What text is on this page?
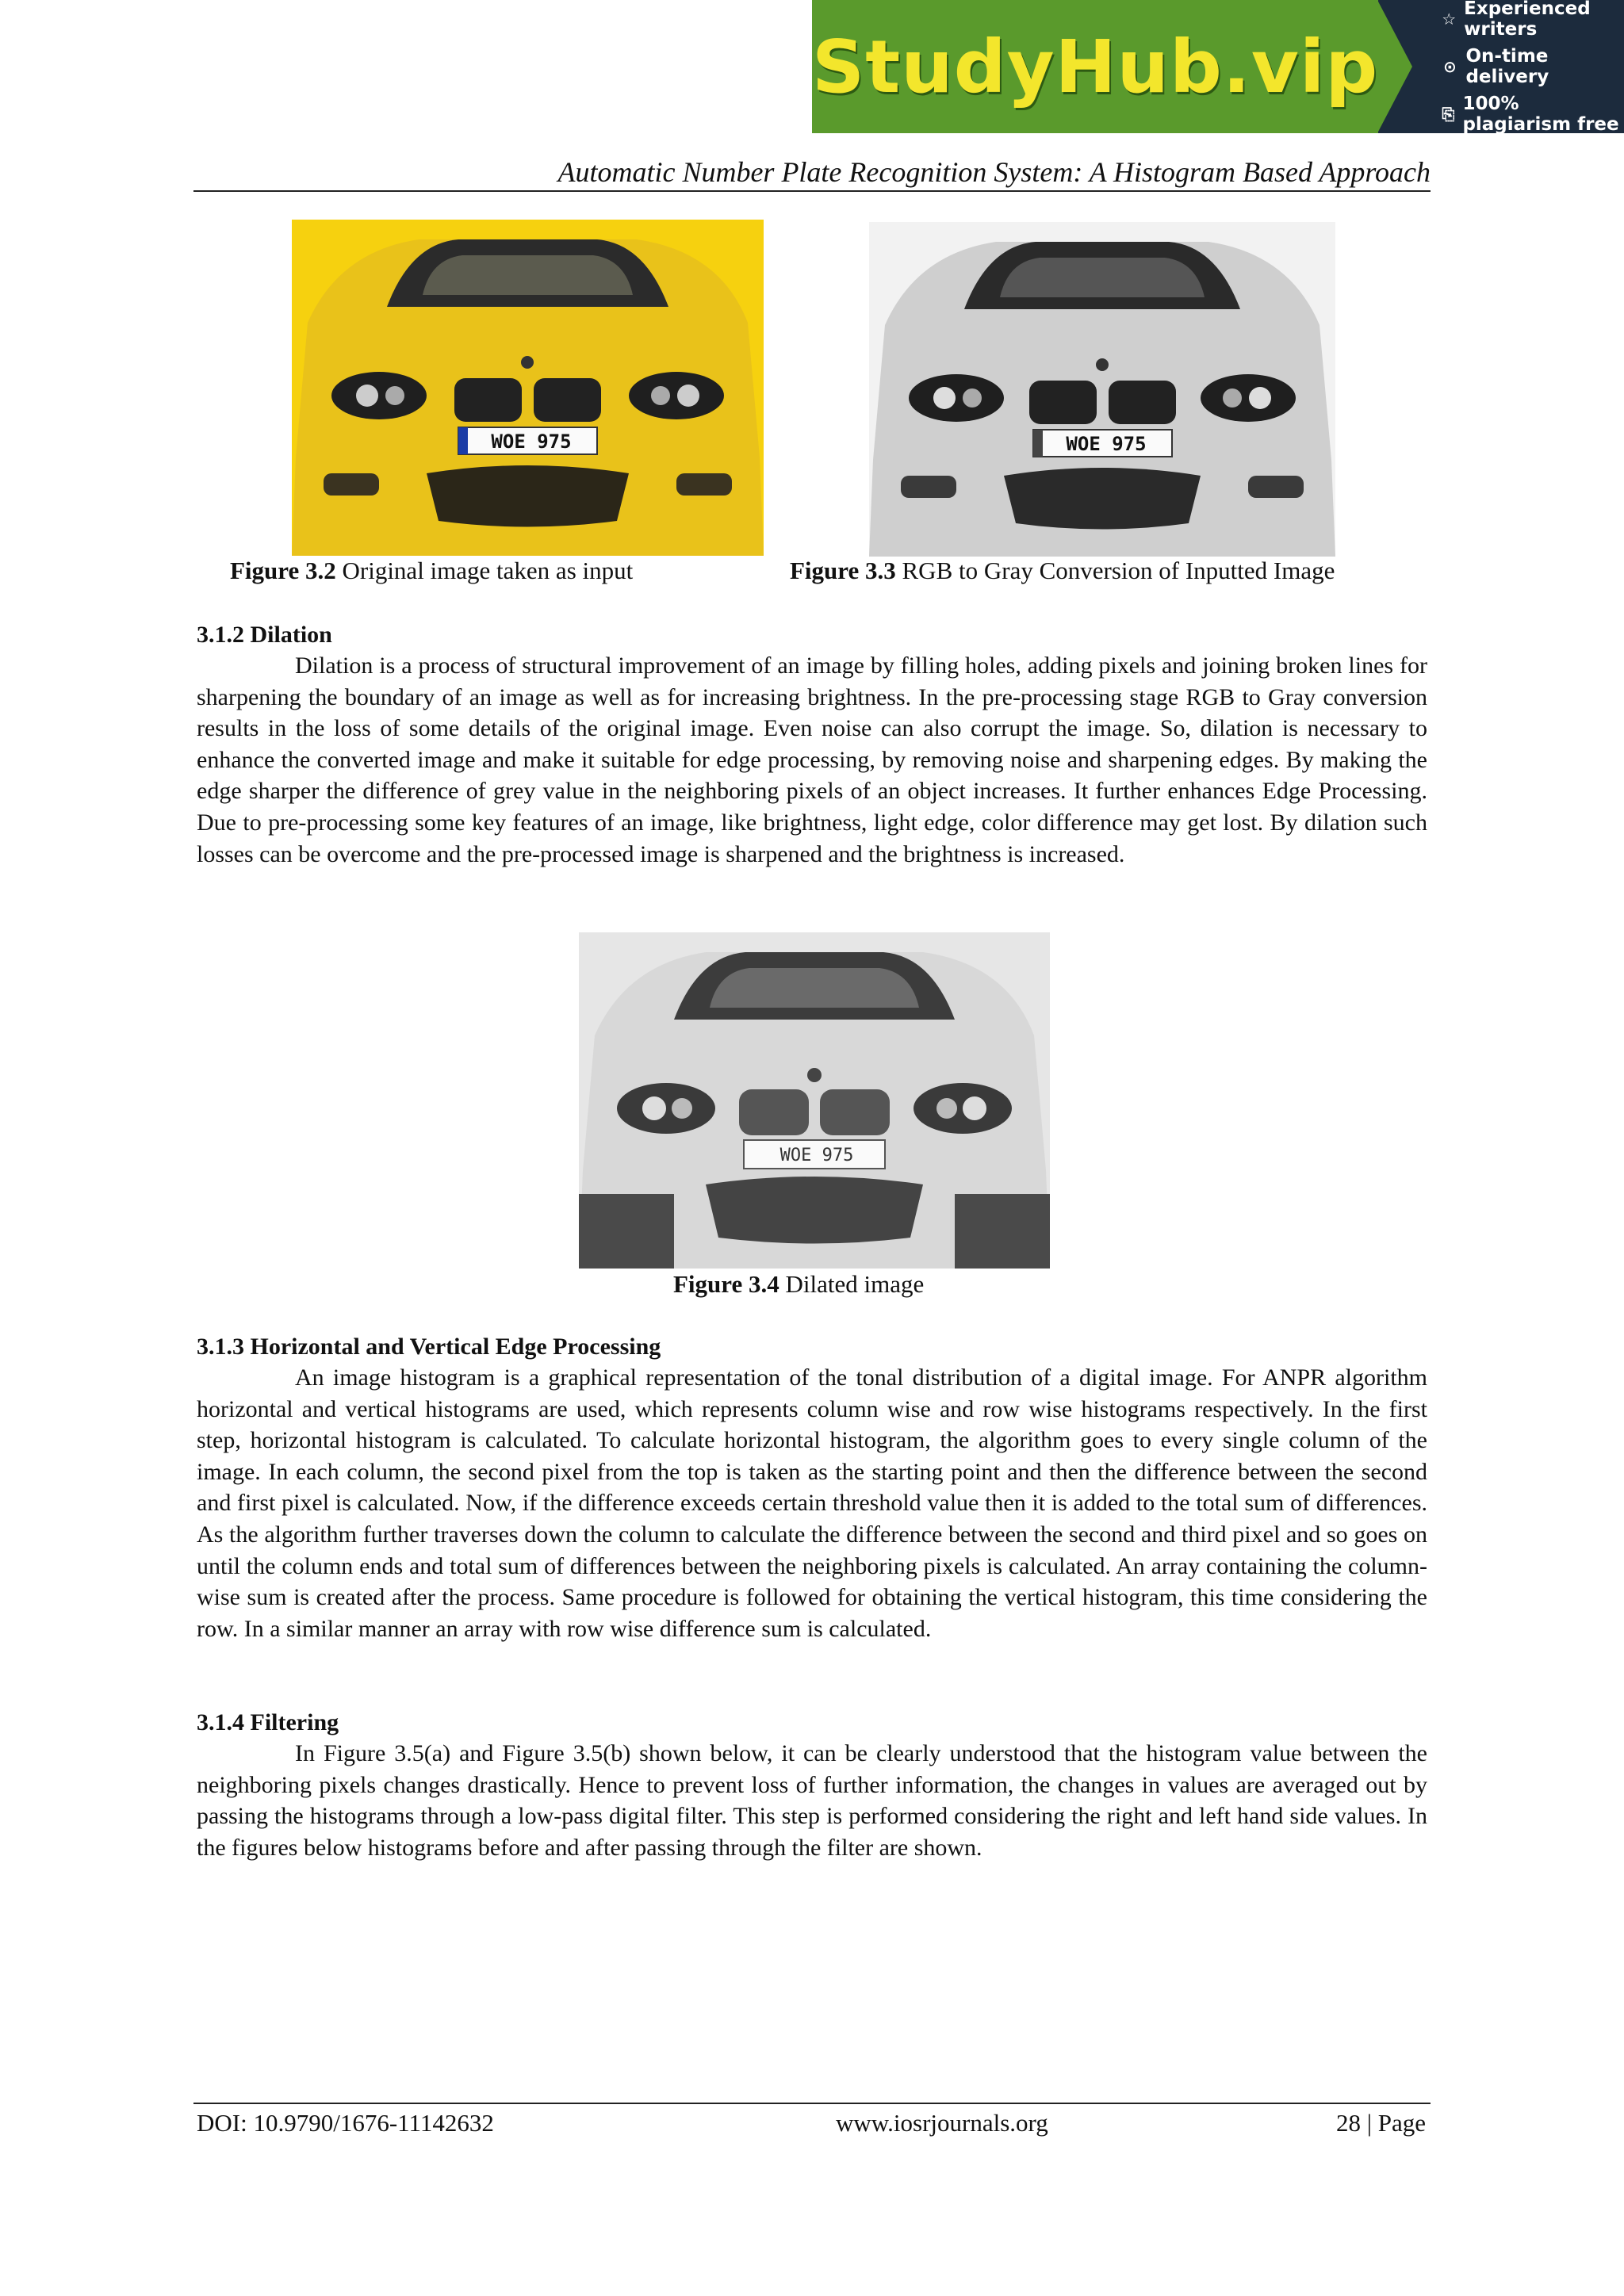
StudyHub.vip
☆ Experienced writers
⊙ On-time delivery
⎘ 100% plagiarism free
Automatic Number Plate Recognition System: A Histogram Based Approach
WOE 975	WOE 975
Figure 3.2 Original image taken as input	Figure 3.3 RGB to Gray Conversion of Inputted Image
3.1.2 Dilation

Dilation is a process of structural improvement of an image by filling holes, adding pixels and joining broken lines for sharpening the boundary of an image as well as for increasing brightness. In the pre-processing stage RGB to Gray conversion results in the loss of some details of the original image. Even noise can also corrupt the image. So, dilation is necessary to enhance the converted image and make it suitable for edge processing, by removing noise and sharpening edges. By making the edge sharper the difference of grey value in the neighboring pixels of an object increases. It further enhances Edge Processing. Due to pre-processing some key features of an image, like brightness, light edge, color difference may get lost. By dilation such losses can be overcome and the pre-processed image is sharpened and the brightness is increased.

WOE 975
Figure 3.4 Dilated image
3.1.3 Horizontal and Vertical Edge Processing

An image histogram is a graphical representation of the tonal distribution of a digital image. For ANPR algorithm horizontal and vertical histograms are used, which represents column wise and row wise histograms respectively. In the first step, horizontal histogram is calculated. To calculate horizontal histogram, the algorithm goes to every single column of the image. In each column, the second pixel from the top is taken as the starting point and then the difference between the second and first pixel is calculated. Now, if the difference exceeds certain threshold value then it is added to the total sum of differences. As the algorithm further traverses down the column to calculate the difference between the second and third pixel and so goes on until the column ends and total sum of differences between the neighboring pixels is calculated. An array containing the column-wise sum is created after the process. Same procedure is followed for obtaining the vertical histogram, this time considering the row. In a similar manner an array with row wise difference sum is calculated.

3.1.4 Filtering

In Figure 3.5(a) and Figure 3.5(b) shown below, it can be clearly understood that the histogram value between the neighboring pixels changes drastically. Hence to prevent loss of further information, the changes in values are averaged out by passing the histograms through a low-pass digital filter. This step is performed considering the right and left hand side values. In the figures below histograms before and after passing through the filter are shown.

DOI: 10.9790/1676-11142632	www.iosrjournals.org	28 | Page
